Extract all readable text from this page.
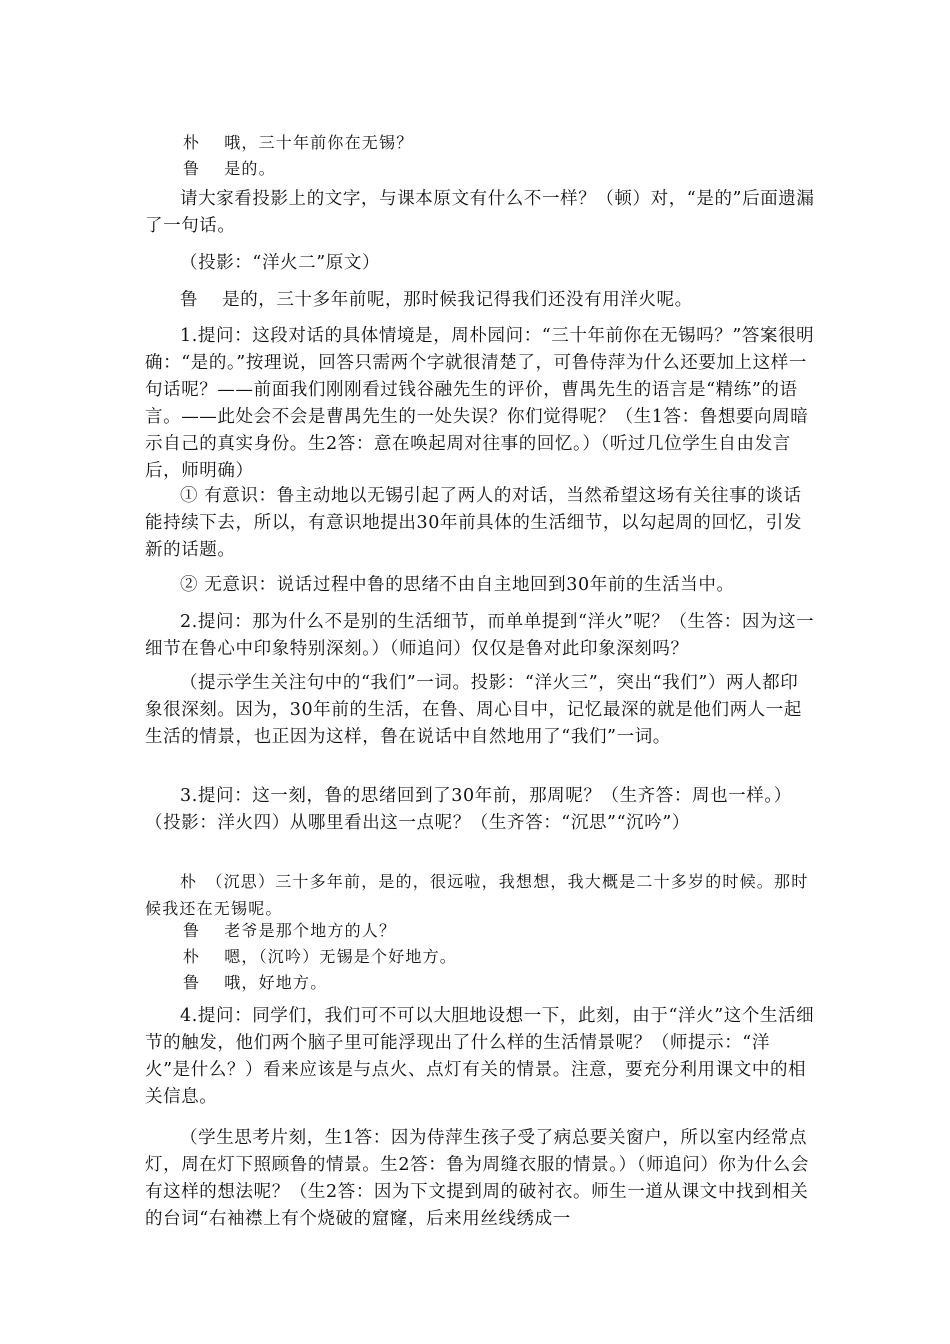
朴 哦，三十年前你在无锡？
鲁 是的。
请大家看投影上的文字，与课本原文有什么不一样？（顿）对，“是的”后面遗漏了一句话。
（投影：“洋火二”原文）
鲁 是的，三十多年前呢，那时候我记得我们还没有用洋火呢。
1.提问：这段对话的具体情境是，周朴园问：“三十年前你在无锡吗？”答案很明确：“是的。”按理说，回答只需两个字就很清楚了，可鲁侍萍为什么还要加上这样一句话呢？——前面我们刚刚看过钱谷融先生的评价，曹禺先生的语言是“精练”的语言。——此处会不会是曹禺先生的一处失误？你们觉得呢？（生1答：鲁想要向周暗示自己的真实身份。生2答：意在唤起周对往事的回忆。）（听过几位学生自由发言后，师明确）
① 有意识：鲁主动地以无锡引起了两人的对话，当然希望这场有关往事的谈话能持续下去，所以，有意识地提出30年前具体的生活细节，以勾起周的回忆，引发新的话题。
② 无意识：说话过程中鲁的思绪不由自主地回到30年前的生活当中。
2.提问：那为什么不是别的生活细节，而单单提到“洋火”呢？（生答：因为这一细节在鲁心中印象特别深刻。）（师追问）仅仅是鲁对此印象深刻吗？
（提示学生关注句中的“我们”一词。投影：“洋火三”，突出“我们”）两人都印象很深刻。因为，30年前的生活，在鲁、周心目中，记忆最深的就是他们两人一起生活的情景，也正因为这样，鲁在说话中自然地用了“我们”一词。
3.提问：这一刻，鲁的思绪回到了30年前，那周呢？（生齐答：周也一样。）（投影：洋火四）从哪里看出这一点呢？（生齐答：“沉思”“沉吟”）
朴　（沉思）三十多年前，是的，很远啦，我想想，我大概是二十多岁的时候。那时候我还在无锡呢。
鲁 老爷是那个地方的人？
朴 嗯，（沉吟）无锡是个好地方。
鲁 哦，好地方。
4.提问：同学们，我们可不可以大胆地设想一下，此刻，由于“洋火”这个生活细节的触发，他们两个脑子里可能浮现出了什么样的生活情景呢？（师提示：“洋火”是什么？）看来应该是与点火、点灯有关的情景。注意，要充分利用课文中的相关信息。
（学生思考片刻，生1答：因为侍萍生孩子受了病总要关窗户，所以室内经常点灯，周在灯下照顾鲁的情景。生2答：鲁为周缝衣服的情景。）（师追问）你为什么会有这样的想法呢？（生2答：因为下文提到周的破衬衣。师生一道从课文中找到相关的台词“右袖襟上有个烧破的窟窿，后来用丝线绣成一
